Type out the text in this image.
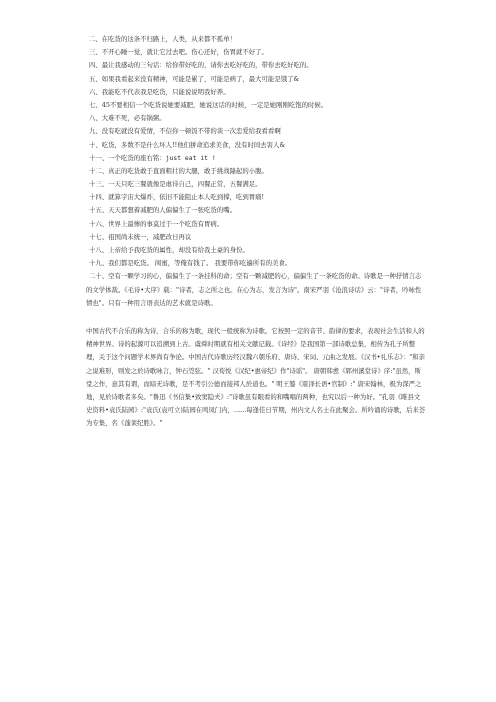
二、在吃货的这条不归路上，人类，从来都不孤单！

三、不开心睡一觉，就让它过去吧。伤心还好，伤胃就不好了。

四、最让我感动的三句话：给你带好吃的，请你去吃好吃的，带你去吃好吃的。

五、如果我看起来没有精神，可能是累了，可能是病了，最大可能是饿了&

六、我能吃不代表我是吃货，只能说说明我好养。

七、45不要相信一个吃货说她要减肥，她说这话的时候，一定是她刚刚吃饱的时候。

八、大难不死，必有锅粥。

九、没有吃就没有爱情，不信你一顿饭不带的谈一次恋爱给我看看啊

十、吃货，多数不是什么坏人!!他们拼命追求美食，没有时间去害人&

十一、一个吃货的座右铭：just eat it !

十二、真正的吃货敢于直面粗壮的大腿，敢于挑战隆起的小腹。

十三、一天只吃三餐就像是虐待自己，四餐正常，五餐满足。

十四、就算宇宙大爆炸，依旧不能阻止本人吃到撑，吃到胃痛!

十五、天天都想着减肥的人偏偏生了一张吃货的嘴。

十六、世界上最惨的事莫过于一个吃货有胃病。

十七、祖国尚未统一，减肥改日再议

十八、上帝给予我吃货的属性，却没有给我土豪的身份。

十九、我们都是吃货。 闺蜜，等俺有钱了。 我要带你吃遍所有的美食。

二十、空有一颗学习的心，偏偏生了一条挂科的命；空有一颗减肥的心，偏偏生了一条吃货的命。诗歌是一种抒情言志的文学体裁。《毛诗•大序》载："诗者，志之所之也。在心为志，发言为诗"。南宋严羽《沧浪诗话》云："诗者，吟咏性情也"。只有一种用言语表达的艺术就是诗歌。

中国古代不合乐的称为诗，合乐的称为歌，现代一般统称为诗歌。它按照一定的音节、韵律的要求，表现社会生活和人的精神世界。诗的起源可以追溯到上古。虞舜时期就有相关文献记载。《诗经》是我国第一部诗歌总集，相传为孔子所整理，关于这个问题学术界尚有争论。中国古代诗歌历经汉魏六朝乐府、唐诗、宋词、元曲之发展。《汉书•礼乐志》："和亲之说难形，则发之於诗歌咏言，钟石筦弦。" 汉荀悦《汉纪•惠帝纪》作"诗谣"。 唐朝韩愈《郓州溪堂诗》序:"虽然，斯堂之作，意其有谓，而暗无诗歌，是不考引公德而接邦人於道也。" 明王鏊《震泽长语•官制》:" 唐宋翰林，极为深严之地，见於诗歌者多矣。"鲁迅《书信集•致窦隐夫》:"诗歌虽有眼看的和嘴唱的两种，也究以后一种为好。"孔羽《睢县文史资料•袁氏陆园》:"袁氏(袁可立)陆园在鸣凤门内，......每逢佳日节期，州内文人名士在此聚会。所吟诵的诗歌，后来荟为专集，名《蓬莱纪胜》。"
